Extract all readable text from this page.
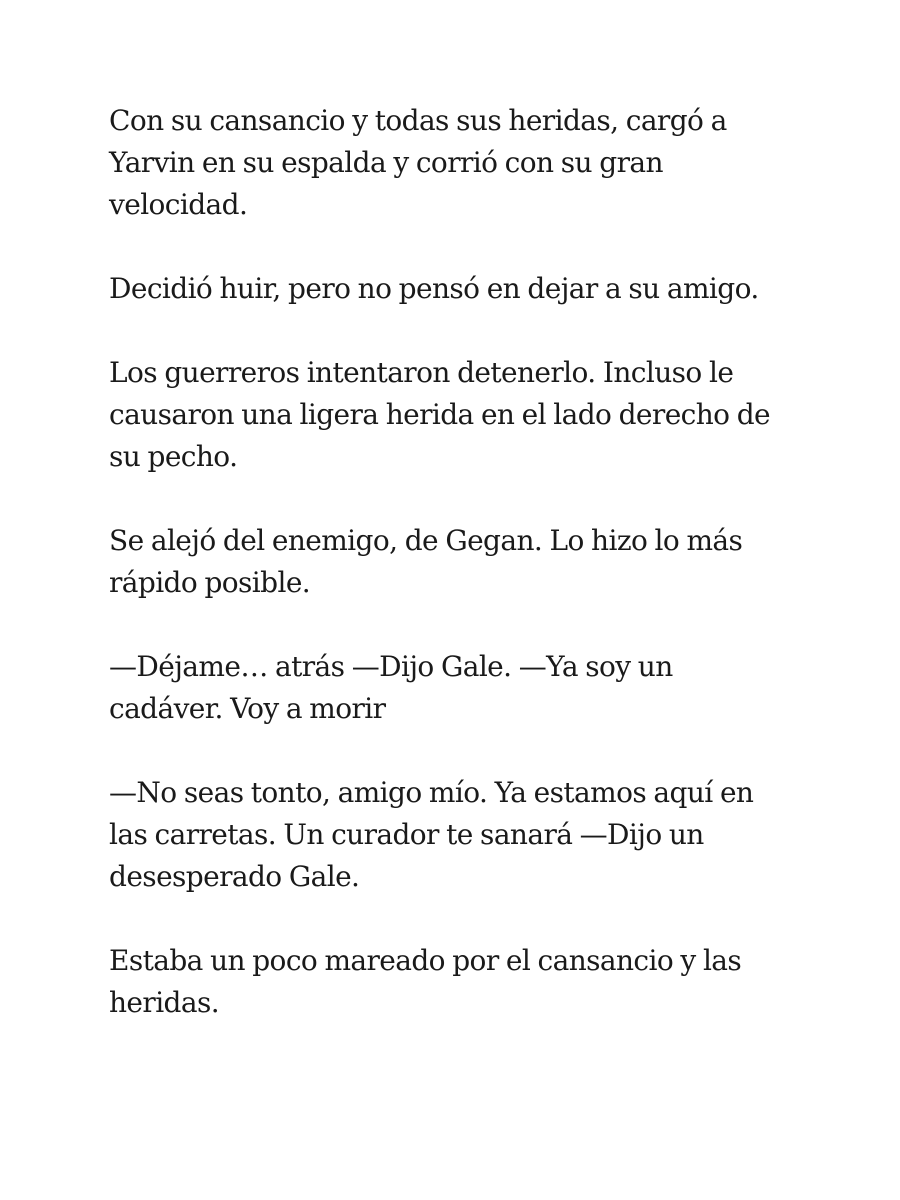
Con su cansancio y todas sus heridas, cargó a
Yarvin en su espalda y corrió con su gran
velocidad.

Decidió huir, pero no pensó en dejar a su amigo.

Los guerreros intentaron detenerlo. Incluso le
causaron una ligera herida en el lado derecho de
su pecho.

Se alejó del enemigo, de Gegan. Lo hizo lo más
rápido posible.

—Déjame… atrás —Dijo Gale. —Ya soy un
cadáver. Voy a morir

—No seas tonto, amigo mío. Ya estamos aquí en
las carretas. Un curador te sanará —Dijo un
desesperado Gale.

Estaba un poco mareado por el cansancio y las
heridas.
